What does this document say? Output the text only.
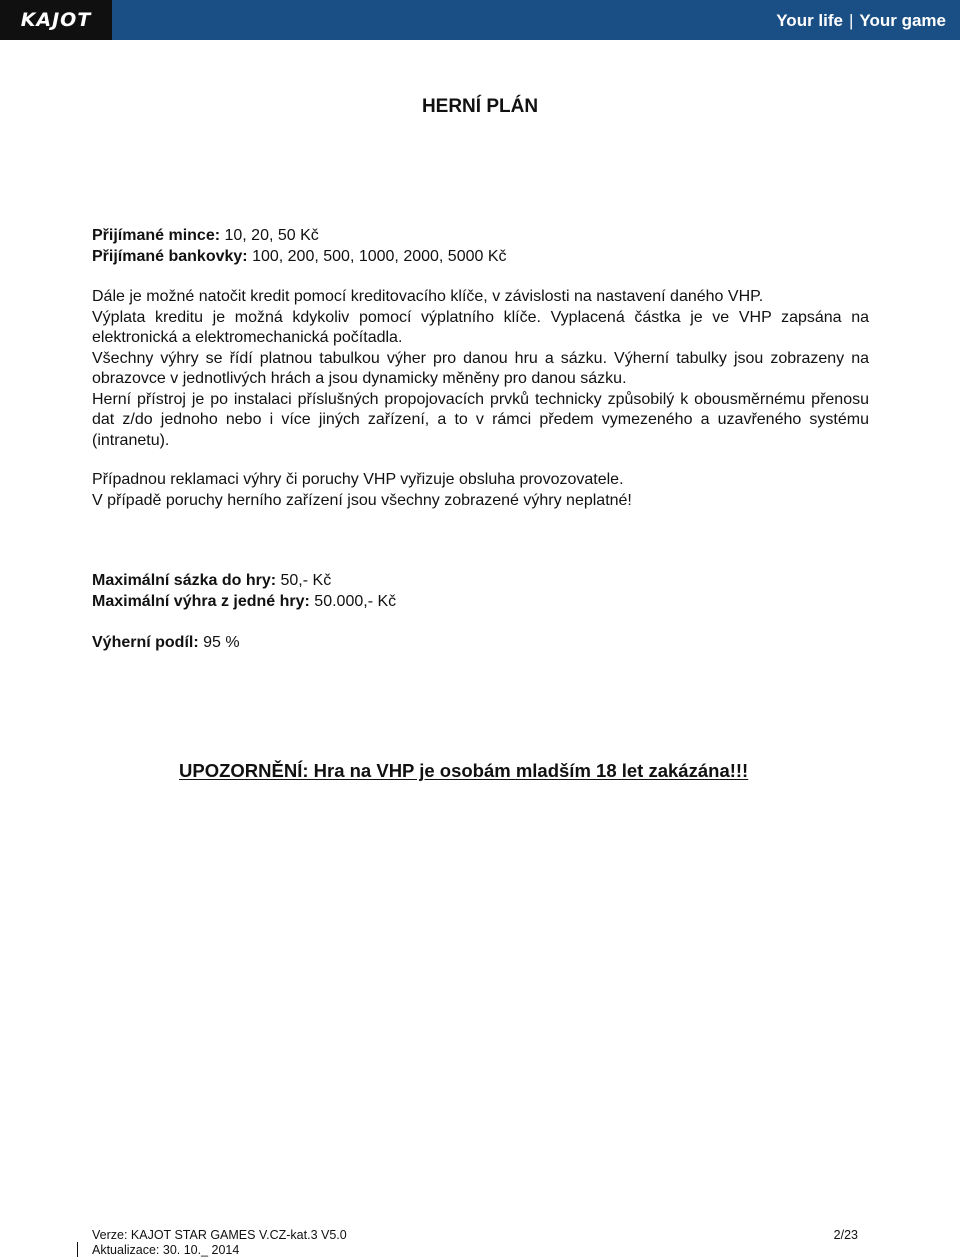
KAJOT	Your life | Your game
HERNÍ PLÁN
Přijímané mince: 10, 20, 50 Kč
Přijímané bankovky: 100, 200, 500, 1000, 2000, 5000 Kč

Dále je možné natočit kredit pomocí kreditovacího klíče, v závislosti na nastavení daného VHP.

Výplata kreditu je možná kdykoliv pomocí výplatního klíče. Vyplacená částka je ve VHP zapsána na elektronická a elektromechanická počítadla.

Všechny výhry se řídí platnou tabulkou výher pro danou hru a sázku. Výherní tabulky jsou zobrazeny na obrazovce v jednotlivých hrách a jsou dynamicky měněny pro danou sázku.

Herní přístroj je po instalaci příslušných propojovacích prvků technicky způsobilý k obousměrnému přenosu dat z/do jednoho nebo i více jiných zařízení, a to v rámci předem vymezeného a uzavřeného systému (intranetu).

Případnou reklamaci výhry či poruchy VHP vyřizuje obsluha provozovatele.
V případě poruchy herního zařízení jsou všechny zobrazené výhry neplatné!
Maximální sázka do hry: 50,- Kč
Maximální výhra z jedné hry: 50.000,- Kč
Výherní podíl: 95 %
UPOZORNĚNÍ: Hra na VHP je osobám mladším 18 let zakázána!!!
Verze: KAJOT STAR GAMES V.CZ-kat.3 V5.0	2/23
Aktualizace: 30. 10._ 2014
